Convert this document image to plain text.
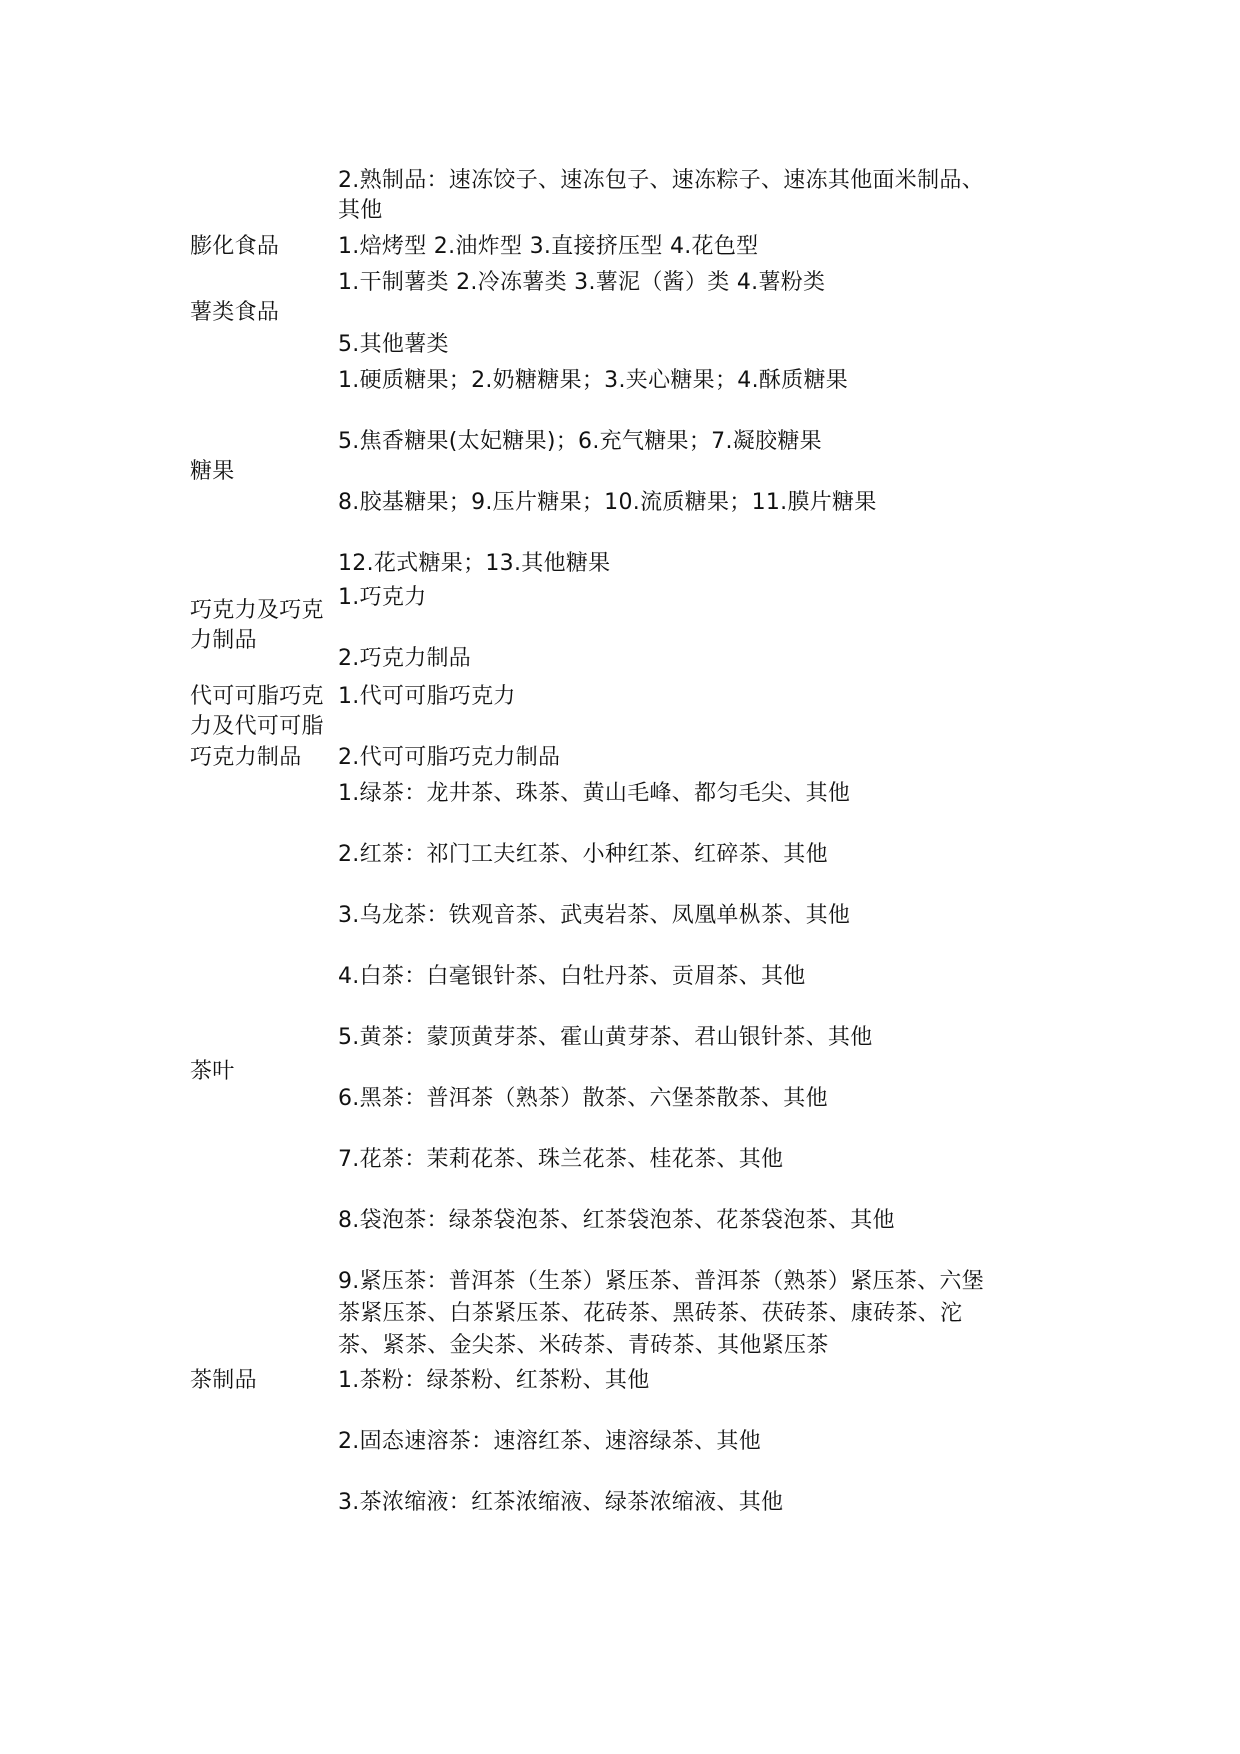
2.熟制品：速冻饺子、速冻包子、速冻粽子、速冻其他面米制品、

其他

膨化食品	1.焙烤型 2.油炸型 3.直接挤压型 4.花色型

1.干制薯类 2.冷冻薯类 3.薯泥（酱）类 4.薯粉类

薯类食品

5.其他薯类

1.硬质糖果；2.奶糖糖果；3.夹心糖果；4.酥质糖果

5.焦香糖果(太妃糖果)；6.充气糖果；7.凝胶糖果

糖果

8.胶基糖果；9.压片糖果；10.流质糖果；11.膜片糖果

12.花式糖果；13.其他糖果

1.巧克力

巧克力及巧克

力制品

2.巧克力制品

代可可脂巧克 1.代可可脂巧克力

力及代可可脂

巧克力制品 2.代可可脂巧克力制品

1.绿茶：龙井茶、珠茶、黄山毛峰、都匀毛尖、其他

2.红茶：祁门工夫红茶、小种红茶、红碎茶、其他

3.乌龙茶：铁观音茶、武夷岩茶、凤凰单枞茶、其他

4.白茶：白毫银针茶、白牡丹茶、贡眉茶、其他

5.黄茶：蒙顶黄芽茶、霍山黄芽茶、君山银针茶、其他

茶叶

6.黑茶：普洱茶（熟茶）散茶、六堡茶散茶、其他

7.花茶：茉莉花茶、珠兰花茶、桂花茶、其他

8.袋泡茶：绿茶袋泡茶、红茶袋泡茶、花茶袋泡茶、其他

9.紧压茶：普洱茶（生茶）紧压茶、普洱茶（熟茶）紧压茶、六堡

茶紧压茶、白茶紧压茶、花砖茶、黑砖茶、茯砖茶、康砖茶、沱

茶、紧茶、金尖茶、米砖茶、青砖茶、其他紧压茶

茶制品	1.茶粉：绿茶粉、红茶粉、其他

2.固态速溶茶：速溶红茶、速溶绿茶、其他

3.茶浓缩液：红茶浓缩液、绿茶浓缩液、其他
